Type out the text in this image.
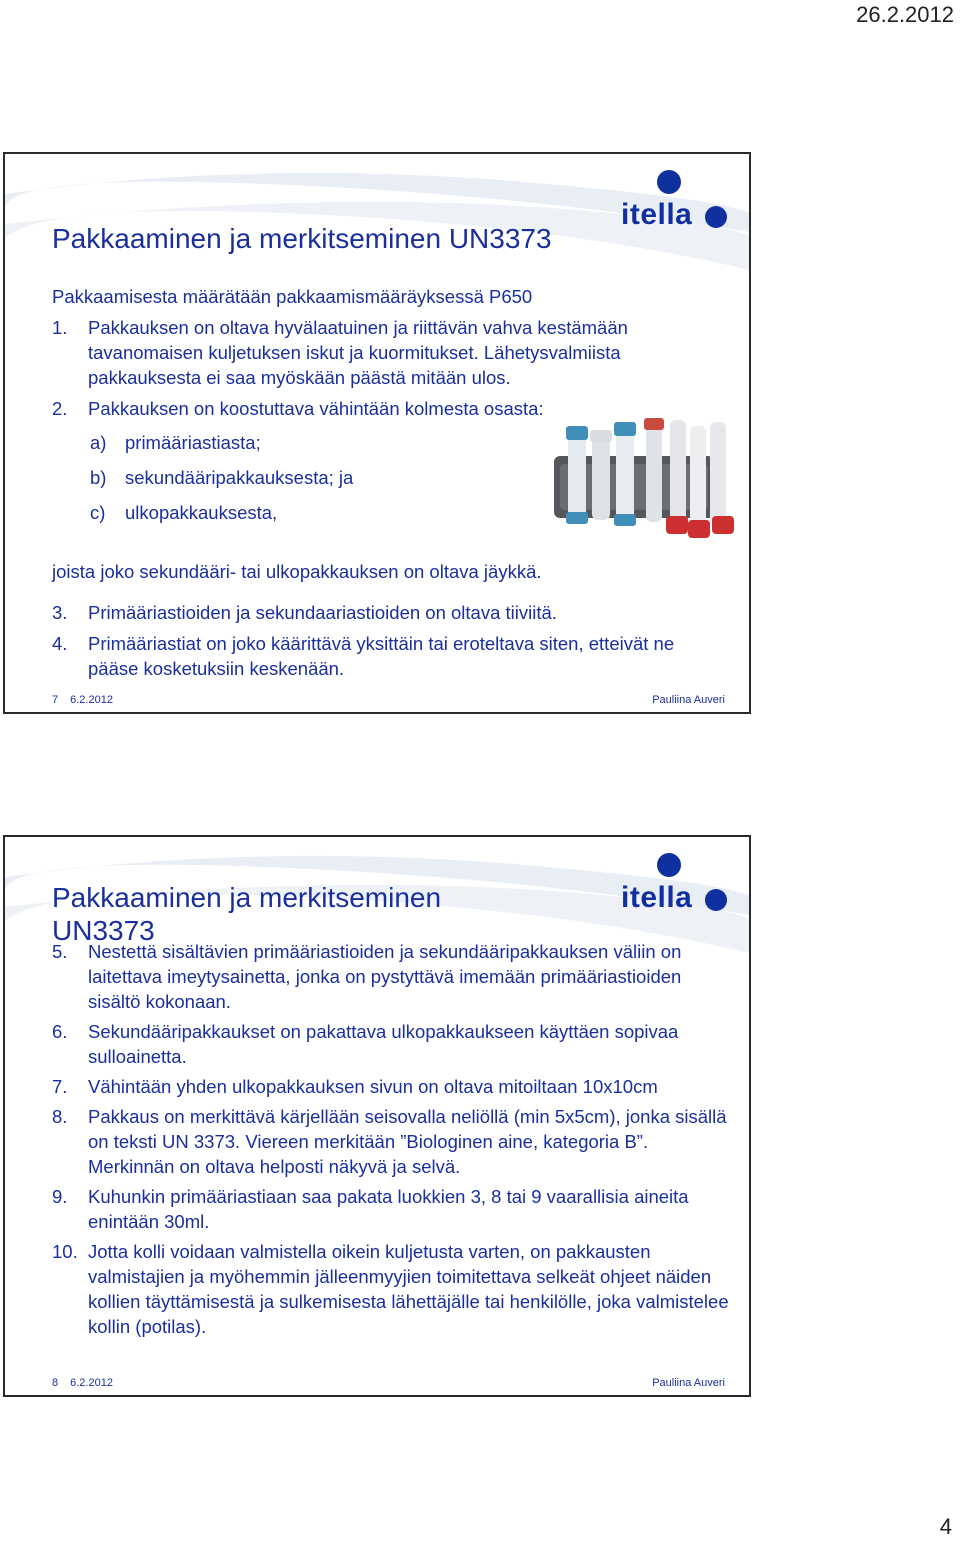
26.2.2012
itella
Pakkaaminen ja merkitseminen UN3373

Pakkaamisesta määrätään pakkaamismääräyksessä P650

1. Pakkauksen on oltava hyvälaatuinen ja riittävän vahva kestämään tavanomaisen kuljetuksen iskut ja kuormitukset. Lähetysvalmiista pakkauksesta ei saa myöskään päästä mitään ulos.
2. Pakkauksen on koostuttava vähintään kolmesta osasta:
a) primääriastiasta;
b) sekundääripakkauksesta; ja
c) ulkopakkauksesta,

joista joko sekundääri- tai ulkopakkauksen on oltava jäykkä.

3. Primääriastioiden ja sekundaariastioiden on oltava tiiviitä.
4. Primääriastiat on joko käärittävä yksittäin tai eroteltava siten, etteivät ne pääse kosketuksiin keskenään.
7 6.2.2012	Pauliina Auveri
itella
Pakkaaminen ja merkitseminen UN3373
5. Nestettä sisältävien primääriastioiden ja sekundääripakkauksen väliin on laitettava imeytysainetta, jonka on pystyttävä imemään primääriastioiden sisältö kokonaan.
6. Sekundääripakkaukset on pakattava ulkopakkaukseen käyttäen sopivaa sulloainetta.
7. Vähintään yhden ulkopakkauksen sivun on oltava mitoiltaan 10x10cm
8. Pakkaus on merkittävä kärjellään seisovalla neliöllä (min 5x5cm), jonka sisällä on teksti UN 3373. Viereen merkitään ”Biologinen aine, kategoria B”. Merkinnän on oltava helposti näkyvä ja selvä.
9. Kuhunkin primääriastiaan saa pakata luokkien 3, 8 tai 9 vaarallisia aineita enintään 30ml.
10. Jotta kolli voidaan valmistella oikein kuljetusta varten, on pakkausten valmistajien ja myöhemmin jälleenmyyjien toimitettava selkeät ohjeet näiden kollien täyttämisestä ja sulkemisesta lähettäjälle tai henkilölle, joka valmistelee kollin (potilas).
8 6.2.2012	Pauliina Auveri
4
